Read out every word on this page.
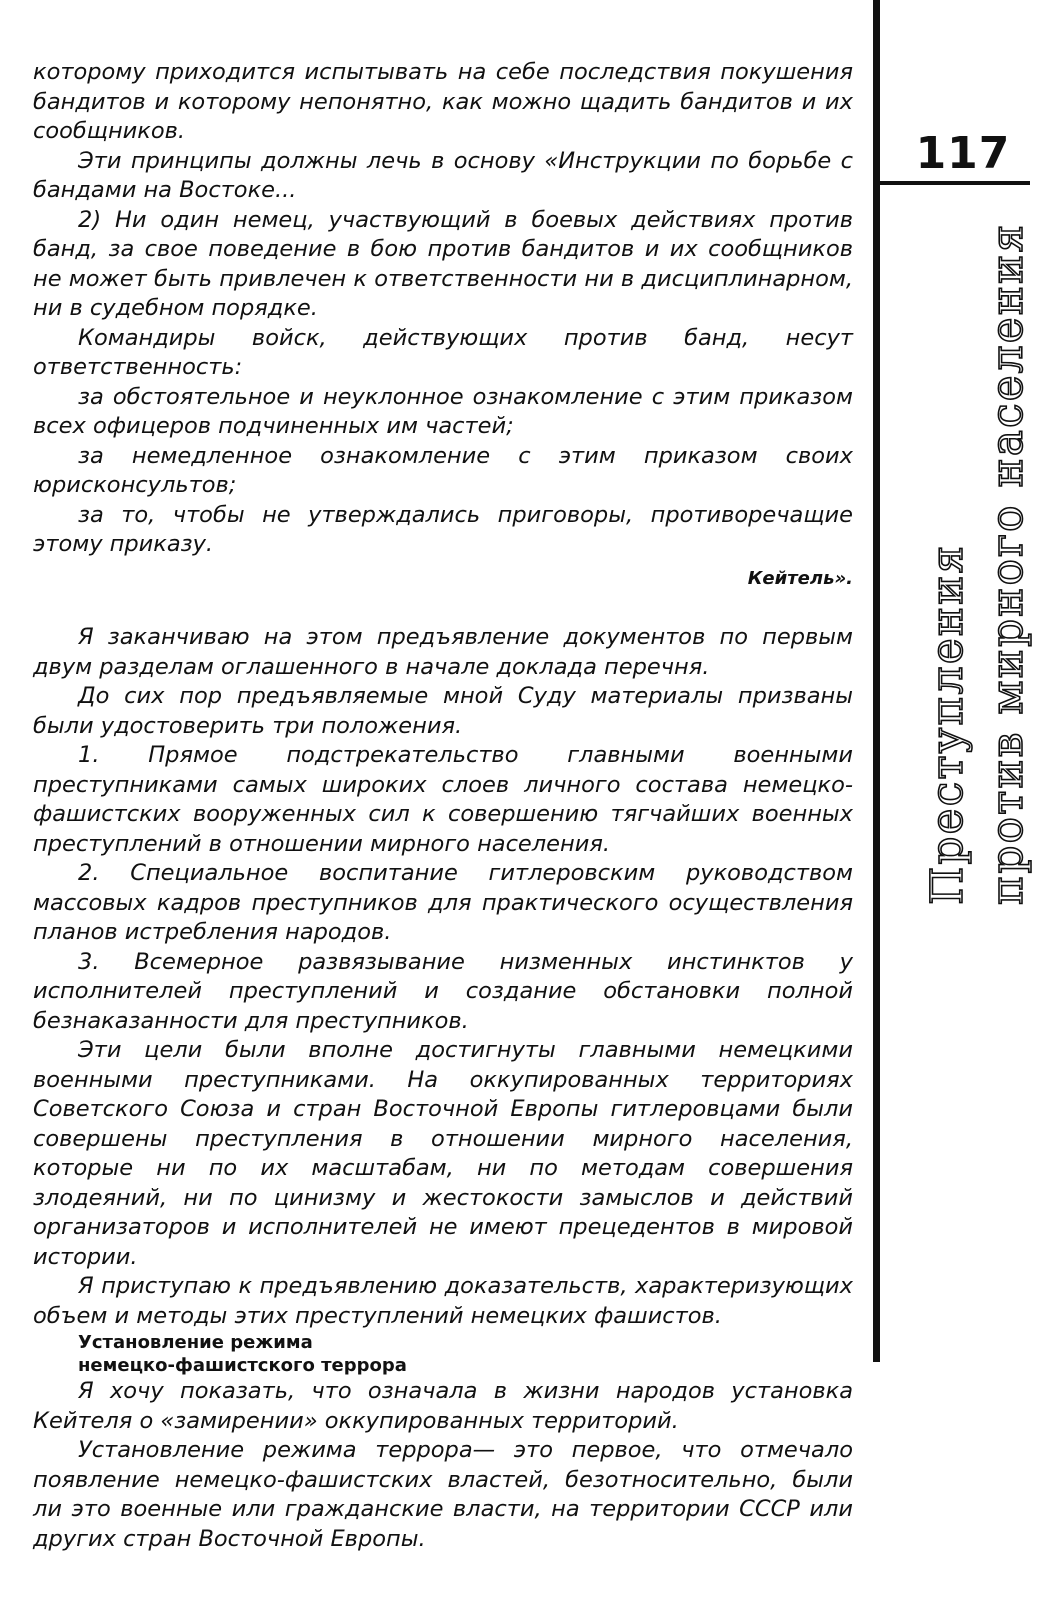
117
Преступления против мирного населения

которому приходится испытывать на себе последствия покушения бандитов и которому непонятно, как можно щадить бандитов и их сообщников.

Эти принципы должны лечь в основу «Инструкции по борьбе с бандами на Востоке...

2) Ни один немец, участвующий в боевых действиях против банд, за свое поведение в бою против бандитов и их сообщников не может быть привлечен к ответственности ни в дисциплинарном, ни в судебном порядке.

Командиры войск, действующих против банд, несут ответственность:

за обстоятельное и неуклонное ознакомление с этим приказом всех офицеров подчиненных им частей;

за немедленное ознакомление с этим приказом своих юрисконсультов;

за то, чтобы не утверждались приговоры, противоречащие этому приказу.

Кейтель».

Я заканчиваю на этом предъявление документов по первым двум разделам оглашенного в начале доклада перечня.

До сих пор предъявляемые мной Суду материалы призваны были удостоверить три положения.

1. Прямое подстрекательство главными военными преступниками самых широких слоев личного состава немецко-фашистских вооруженных сил к совершению тягчайших военных преступлений в отношении мирного населения.

2. Специальное воспитание гитлеровским руководством массовых кадров преступников для практического осуществления планов истребления народов.

3. Всемерное развязывание низменных инстинктов у исполнителей преступлений и создание обстановки полной безнаказанности для преступников.

Эти цели были вполне достигнуты главными немецкими военными преступниками. На оккупированных территориях Советского Союза и стран Восточной Европы гитлеровцами были совершены преступления в отношении мирного населения, которые ни по их масштабам, ни по методам совершения злодеяний, ни по цинизму и жестокости замыслов и действий организаторов и исполнителей не имеют прецедентов в мировой истории.

Я приступаю к предъявлению доказательств, характеризующих объем и методы этих преступлений немецких фашистов.

Установление режима
немецко-фашистского террора

Я хочу показать, что означала в жизни народов установка Кейтеля о «замирении» оккупированных территорий.

Установление режима террора— это первое, что отмечало появление немецко-фашистских властей, безотносительно, были ли это военные или гражданские власти, на территории СССР или других стран Восточной Европы.
